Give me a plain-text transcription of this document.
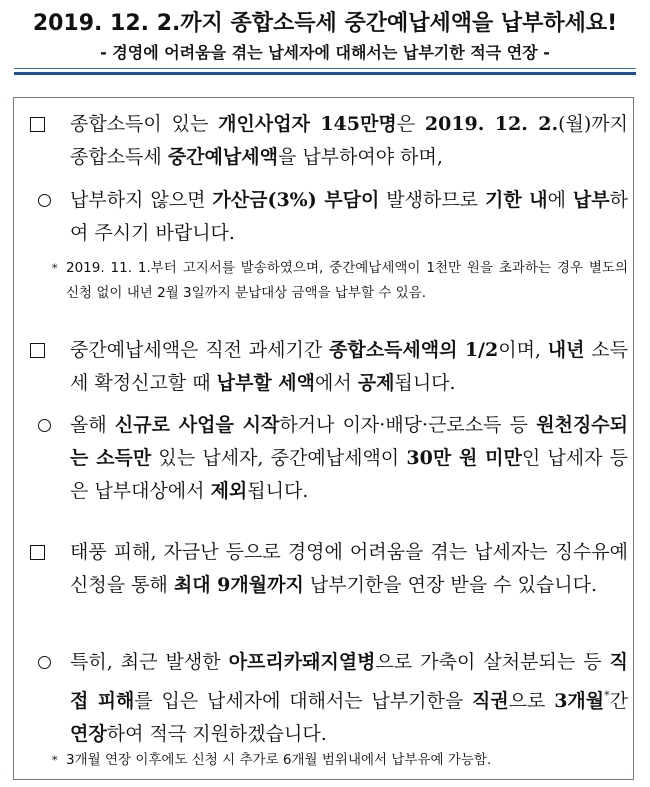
2019. 12. 2.까지 종합소득세 중간예납세액을 납부하세요!
- 경영에 어려움을 겪는 납세자에 대해서는 납부기한 적극 연장 -

종합소득이 있는 개인사업자 145만명은 2019. 12. 2.(월)까지 종합소득세 중간예납세액을 납부하여야 하며,

납부하지 않으면 가산금(3%) 부담이 발생하므로 기한 내에 납부하여 주시기 바랍니다.

* 2019. 11. 1.부터 고지서를 발송하였으며, 중간예납세액이 1천만 원을 초과하는 경우 별도의 신청 없이 내년 2월 3일까지 분납대상 금액을 납부할 수 있음.

중간예납세액은 직전 과세기간 종합소득세액의 1/2이며, 내년 소득세 확정신고할 때 납부할 세액에서 공제됩니다.

올해 신규로 사업을 시작하거나 이자·배당·근로소득 등 원천징수되는 소득만 있는 납세자, 중간예납세액이 30만 원 미만인 납세자 등은 납부대상에서 제외됩니다.

태풍 피해, 자금난 등으로 경영에 어려움을 겪는 납세자는 징수유예 신청을 통해 최대 9개월까지 납부기한을 연장 받을 수 있습니다.

특히, 최근 발생한 아프리카돼지열병으로 가축이 살처분되는 등 직접 피해를 입은 납세자에 대해서는 납부기한을 직권으로 3개월*간 연장하여 적극 지원하겠습니다.

* 3개월 연장 이후에도 신청 시 추가로 6개월 범위내에서 납부유예 가능함.
